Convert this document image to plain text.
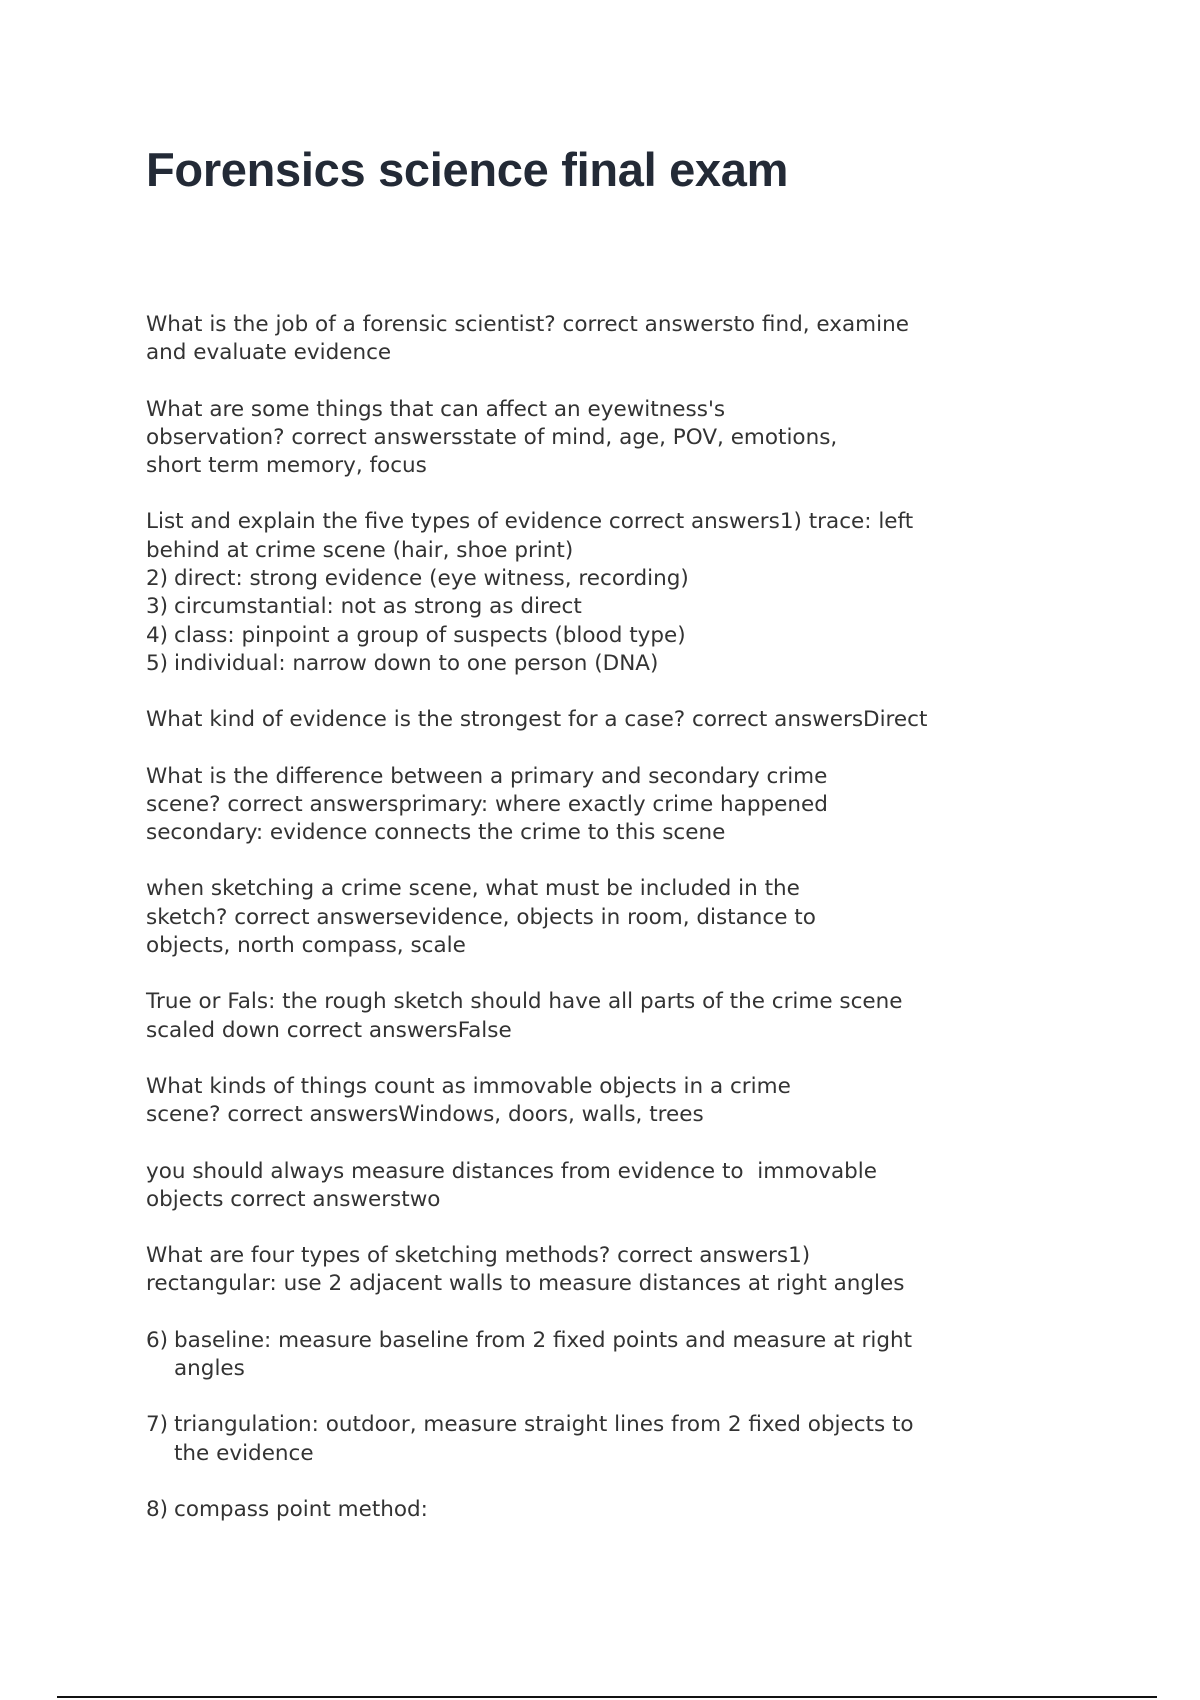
Forensics science final exam

What is the job of a forensic scientist? correct answersto find, examine
and evaluate evidence

What are some things that can affect an eyewitness's
observation? correct answersstate of mind, age, POV, emotions,
short term memory, focus

List and explain the five types of evidence correct answers1) trace: left
behind at crime scene (hair, shoe print)

2) direct: strong evidence (eye witness, recording)
3) circumstantial: not as strong as direct
4) class: pinpoint a group of suspects (blood type)
5) individual: narrow down to one person (DNA)

What kind of evidence is the strongest for a case? correct answersDirect

What is the difference between a primary and secondary crime
scene? correct answersprimary: where exactly crime happened
secondary: evidence connects the crime to this scene

when sketching a crime scene, what must be included in the
sketch? correct answersevidence, objects in room, distance to
objects, north compass, scale

True or Fals: the rough sketch should have all parts of the crime scene
scaled down correct answersFalse

What kinds of things count as immovable objects in a crime
scene? correct answersWindows, doors, walls, trees

you should always measure distances from evidence to  immovable
objects correct answerstwo

What are four types of sketching methods? correct answers1)
rectangular: use 2 adjacent walls to measure distances at right angles

6) baseline: measure baseline from 2 fixed points and measure at right
angles
7) triangulation: outdoor, measure straight lines from 2 fixed objects to
the evidence
8) compass point method:
